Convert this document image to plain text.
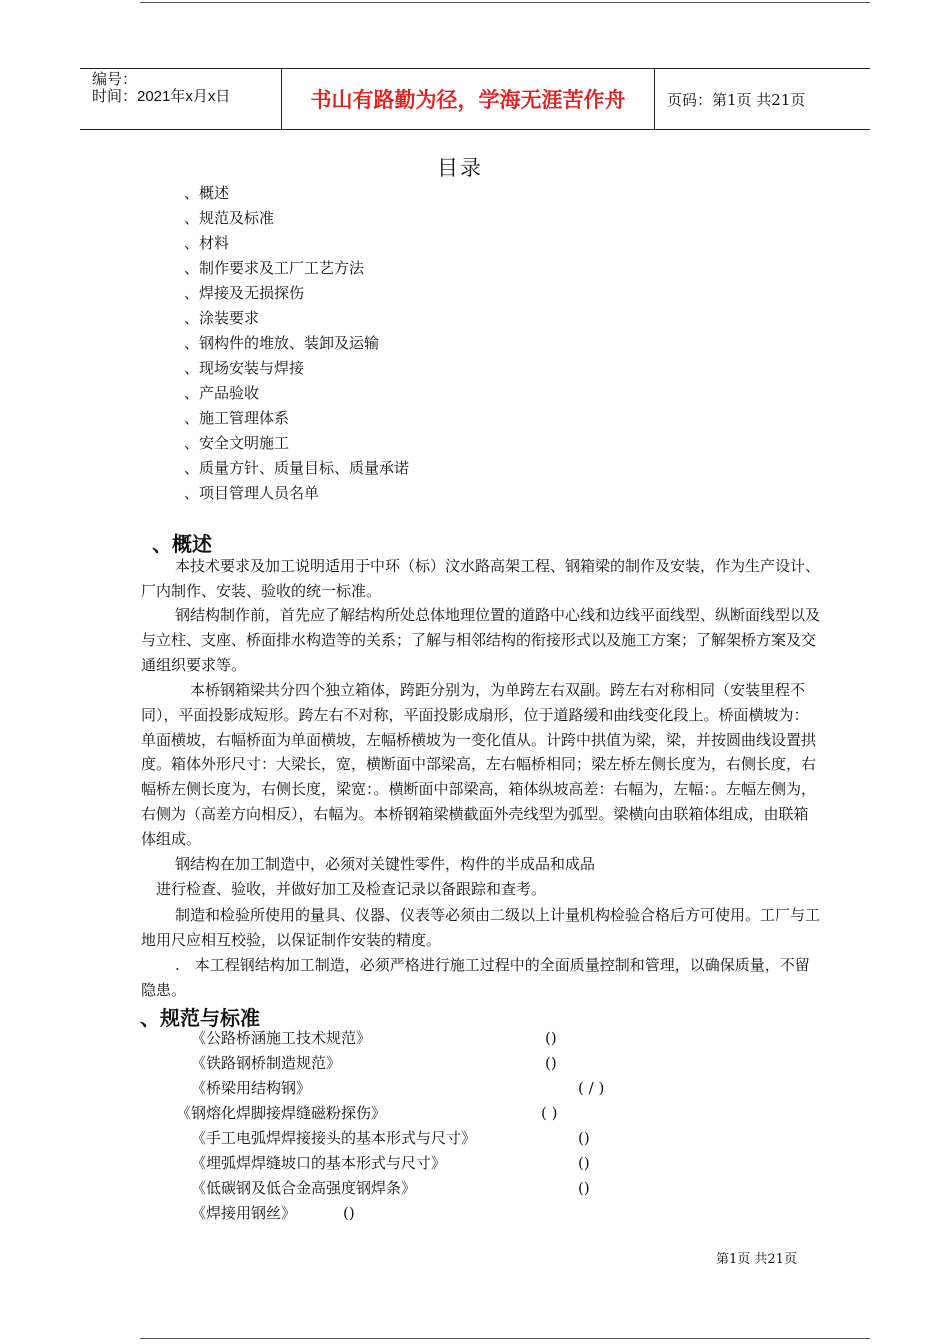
编号：
时间：2021年x月x日	书山有路勤为径，学海无涯苦作舟	页码：第1页 共21页
目录
、概述
、规范及标准
、材料
、制作要求及工厂工艺方法
、焊接及无损探伤
、涂装要求
、钢构件的堆放、装卸及运输
、现场安装与焊接
、产品验收
、施工管理体系
、安全文明施工
、质量方针、质量目标、质量承诺
、项目管理人员名单
、概述

本技术要求及加工说明适用于中环（标）汶水路高架工程、钢箱梁的制作及安装，作为生产设计、厂内制作、安装、验收的统一标准。

钢结构制作前，首先应了解结构所处总体地理位置的道路中心线和边线平面线型、纵断面线型以及与立柱、支座、桥面排水构造等的关系；了解与相邻结构的衔接形式以及施工方案；了解架桥方案及交通组织要求等。

本桥钢箱梁共分四个独立箱体，跨距分别为，为单跨左右双副。跨左右对称相同（安装里程不同），平面投影成短形。跨左右不对称，平面投影成扇形，位于道路缓和曲线变化段上。桥面横坡为：单面横坡，右幅桥面为单面横坡，左幅桥横坡为一变化值从。计跨中拱值为梁，梁，并按圆曲线设置拱度。箱体外形尺寸：大梁长，宽，横断面中部梁高，左右幅桥相同；梁左桥左侧长度为，右侧长度，右幅桥左侧长度为，右侧长度，梁宽：。横断面中部梁高，箱体纵坡高差：右幅为，左幅：。左幅左侧为，右侧为（高差方向相反），右幅为。本桥钢箱梁横截面外壳线型为弧型。梁横向由联箱体组成，由联箱体组成。

钢结构在加工制造中，必须对关键性零件，构件的半成品和成品

进行检查、验收，并做好加工及检查记录以备跟踪和查考。

制造和检验所使用的量具、仪器、仪表等必须由二级以上计量机构检验合格后方可使用。工厂与工地用尺应相互校验，以保证制作安装的精度。

.　本工程钢结构加工制造，必须严格进行施工过程中的全面质量控制和管理，以确保质量，不留隐患。

、规范与标准
《公路桥涵施工技术规范》	()
《铁路钢桥制造规范》	()
《桥梁用结构钢》	( / )
《钢熔化焊脚接焊缝磁粉探伤》	( )
《手工电弧焊焊接接头的基本形式与尺寸》	()
《埋弧焊焊缝坡口的基本形式与尺寸》	()
《低碳钢及低合金高强度钢焊条》	()
《焊接用钢丝》	()
第1页 共21页
